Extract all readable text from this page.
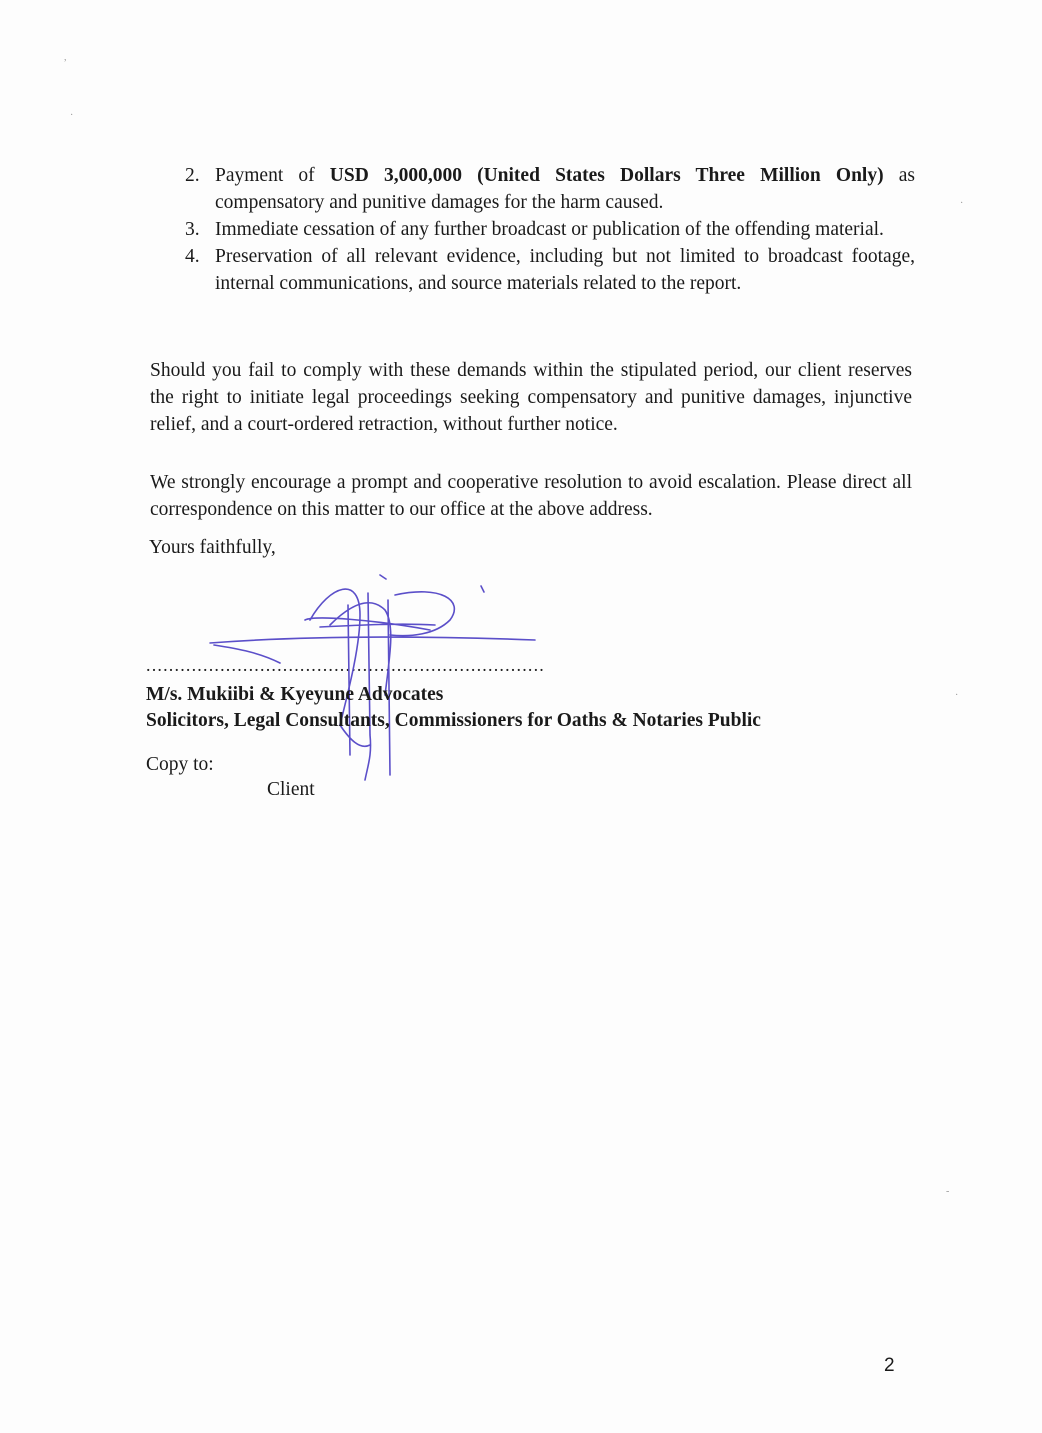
,
·
2. Payment of USD 3,000,000 (United States Dollars Three Million Only) as compensatory and punitive damages for the harm caused.
3. Immediate cessation of any further broadcast or publication of the offending material.
4. Preservation of all relevant evidence, including but not limited to broadcast footage, internal communications, and source materials related to the report.
Should you fail to comply with these demands within the stipulated period, our client reserves the right to initiate legal proceedings seeking compensatory and punitive damages, injunctive relief, and a court-ordered retraction, without further notice.
We strongly encourage a prompt and cooperative resolution to avoid escalation. Please direct all correspondence on this matter to our office at the above address.
Yours faithfully,
......................................................................
M/s. Mukiibi & Kyeyune Advocates
Solicitors, Legal Consultants, Commissioners for Oaths & Notaries Public
Copy to:
Client
2
·
·
-
